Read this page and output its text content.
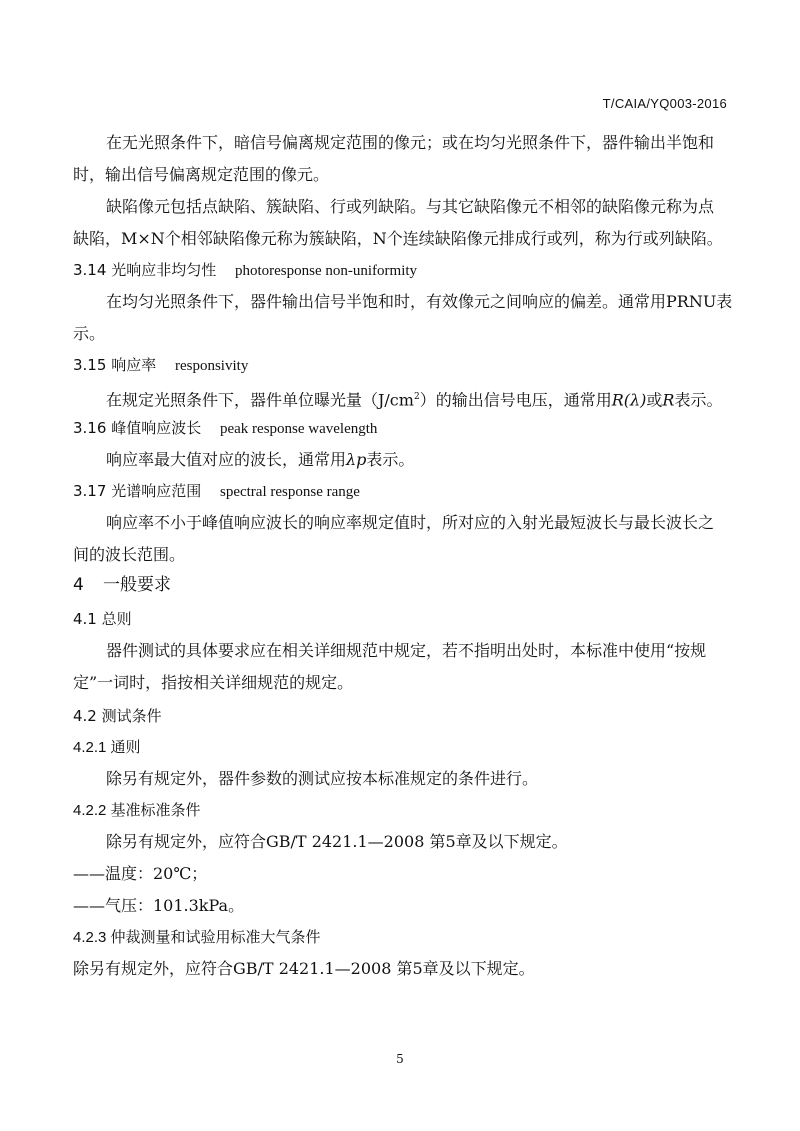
T/CAIA/YQ003-2016
在无光照条件下，暗信号偏离规定范围的像元；或在均匀光照条件下，器件输出半饱和
时，输出信号偏离规定范围的像元。
缺陷像元包括点缺陷、簇缺陷、行或列缺陷。与其它缺陷像元不相邻的缺陷像元称为点
缺陷，M×N个相邻缺陷像元称为簇缺陷，N个连续缺陷像元排成行或列，称为行或列缺陷。
3.14 光响应非均匀性 photoresponse non-uniformity
在均匀光照条件下，器件输出信号半饱和时，有效像元之间响应的偏差。通常用PRNU表
示。
3.15 响应率 responsivity
在规定光照条件下，器件单位曝光量$(J/cm^2)$的输出信号电压，通常用R(λ)或R表示。
3.16 峰值响应波长 peak response wavelength
响应率最大值对应的波长，通常用λp表示。
3.17 光谱响应范围 spectral response range
响应率不小于峰值响应波长的响应率规定值时，所对应的入射光最短波长与最长波长之
间的波长范围。
4 一般要求
4.1 总则
器件测试的具体要求应在相关详细规范中规定，若不指明出处时，本标准中使用“按规
定”一词时，指按相关详细规范的规定。
4.2 测试条件
4.2.1 通则
除另有规定外，器件参数的测试应按本标准规定的条件进行。
4.2.2 基准标准条件
除另有规定外，应符合GB/T 2421.1—2008 第5章及以下规定。
——温度：20℃；
——气压：101.3kPa。
4.2.3 仲裁测量和试验用标准大气条件
除另有规定外，应符合GB/T 2421.1—2008 第5章及以下规定。
5
